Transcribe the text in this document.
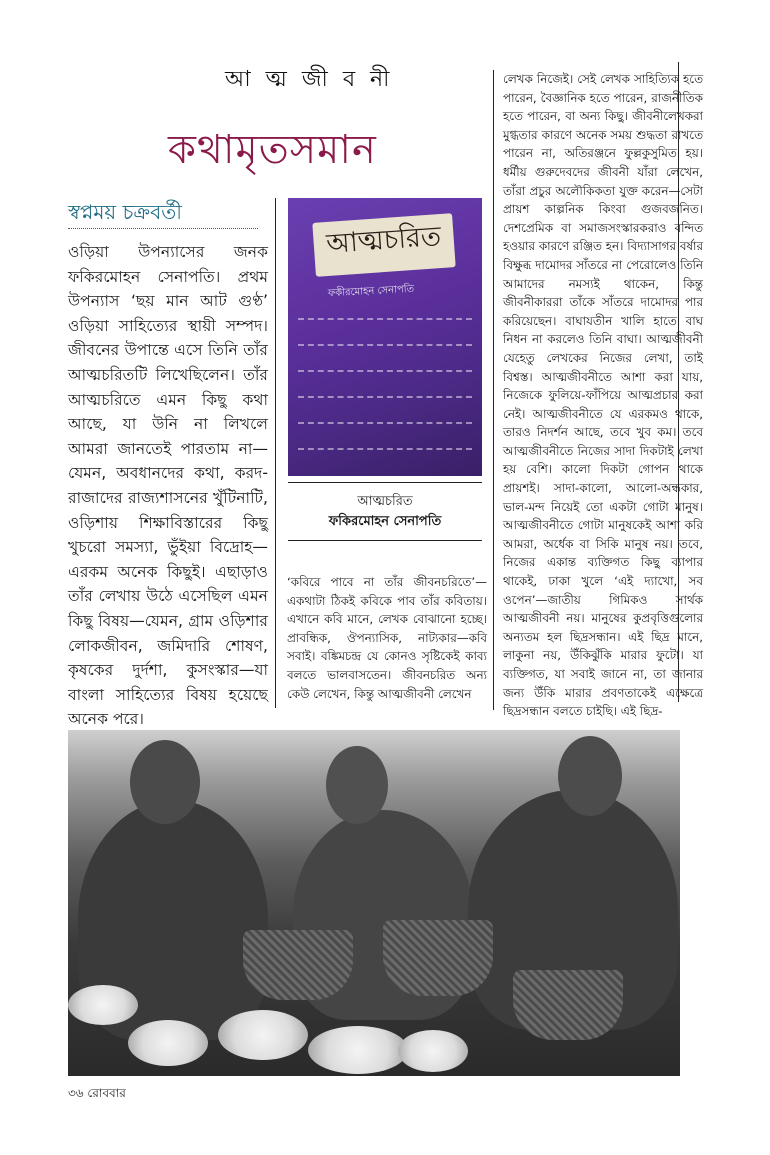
আ ত্ম জী ব নী
কথামৃতসমান
স্বপ্নময় চক্রবর্তী

ওড়িয়া উপন্যাসের জনক ফকিরমোহন সেনাপতি। প্রথম উপন্যাস ‘ছয় মান আট গুণ্ঠ’ ওড়িয়া সাহিত্যের স্থায়ী সম্পদ। জীবনের উপান্তে এসে তিনি তাঁর আত্মচরিতটি লিখেছিলেন। তাঁর আত্মচরিতে এমন কিছু কথা আছে, যা উনি না লিখলে আমরা জানতেই পারতাম না—যেমন, অবধানদের কথা, করদ-রাজাদের রাজ্যশাসনের খুঁটিনাটি, ওড়িশায় শিক্ষাবিস্তারের কিছু খুচরো সমস্যা, ভুঁইয়া বিদ্রোহ—এরকম অনেক কিছুই। এছাড়াও তাঁর লেখায় উঠে এসেছিল এমন কিছু বিষয়—যেমন, গ্রাম ওড়িশার লোকজীবন, জমিদারি শোষণ, কৃষকের দুর্দশা, কুসংস্কার—যা বাংলা সাহিত্যের বিষয় হয়েছে অনেক পরে।

আত্মচরিত
ফকীরমোহন সেনাপতি
আত্মচরিত
ফকিরমোহন সেনাপতি

‘কবিরে পাবে না তাঁর জীবনচরিতে’—একথাটা ঠিকই কবিকে পাব তাঁর কবিতায়। এখানে কবি মানে, লেখক বোঝানো হচ্ছে। প্রাবন্ধিক, ঔপন্যাসিক, নাট্যকার—কবি সবাই। বঙ্কিমচন্দ্র যে কোনও সৃষ্টিকেই কাব্য বলতে ভালবাসতেন। জীবনচরিত অন্য কেউ লেখেন, কিন্তু আত্মজীবনী লেখেন

লেখক নিজেই। সেই লেখক সাহিত্যিক হতে পারেন, বৈজ্ঞানিক হতে পারেন, রাজনীতিক হতে পারেন, বা অন্য কিছু। জীবনীলেখকরা মুগ্ধতার কারণে অনেক সময় শুদ্ধতা রাখতে পারেন না, অতিরঞ্জনে ফুল্লকুসুমিত হয়। ধর্মীয় গুরুদেবদের জীবনী যাঁরা লেখেন, তাঁরা প্রচুর অলৌকিকতা যুক্ত করেন—সেটা প্রায়শ কাল্পনিক কিংবা গুজবজনিত। দেশপ্রেমিক বা সমাজসংস্কারকরাও বন্দিত হওয়ার কারণে রঞ্জিত হন। বিদ্যাসাগর বর্ষার বিক্ষুব্ধ দামোদর সাঁতরে না পেরোলেও তিনি আমাদের নমস্যই থাকেন, কিন্তু জীবনীকাররা তাঁকে সাঁতরে দামোদর পার করিয়েছেন। বাঘাযতীন খালি হাতে বাঘ নিধন না করলেও তিনি বাঘা। আত্মজীবনী যেহেতু লেখকের নিজের লেখা, তাই বিশ্বস্ত। আত্মজীবনীতে আশা করা যায়, নিজেকে ফুলিয়ে-ফাঁপিয়ে আত্মপ্রচার করা নেই। আত্মজীবনীতে যে এরকমও থাকে, তারও নিদর্শন আছে, তবে খুব কম। তবে আত্মজীবনীতে নিজের সাদা দিকটাই লেখা হয় বেশি। কালো দিকটা গোপন থাকে প্রায়শই। সাদা-কালো, আলো-অন্ধকার, ভাল-মন্দ নিয়েই তো একটা গোটা মানুষ। আত্মজীবনীতে গোটা মানুষকেই আশা করি আমরা, অর্ধেক বা সিকি মানুষ নয়। তবে, নিজের একান্ত ব্যক্তিগত কিছু ব্যাপার থাকেই, ঢাকা খুলে ‘এই দ্যাখো, সব ওপেন’—জাতীয় গিমিকও সার্থক আত্মজীবনী নয়। মানুষের কুপ্রবৃত্তিগুলোর অন্যতম হল ছিদ্রসন্ধান। এই ছিদ্র মানে, লাকুনা নয়, উঁকিঝুঁকি মারার ফুটো। যা ব্যক্তিগত, যা সবাই জানে না, তা জানার জন্য উঁকি মারার প্রবণতাকেই এক্ষেত্রে ছিদ্রসন্ধান বলতে চাইছি। এই ছিদ্র-

৩৬ রোববার
